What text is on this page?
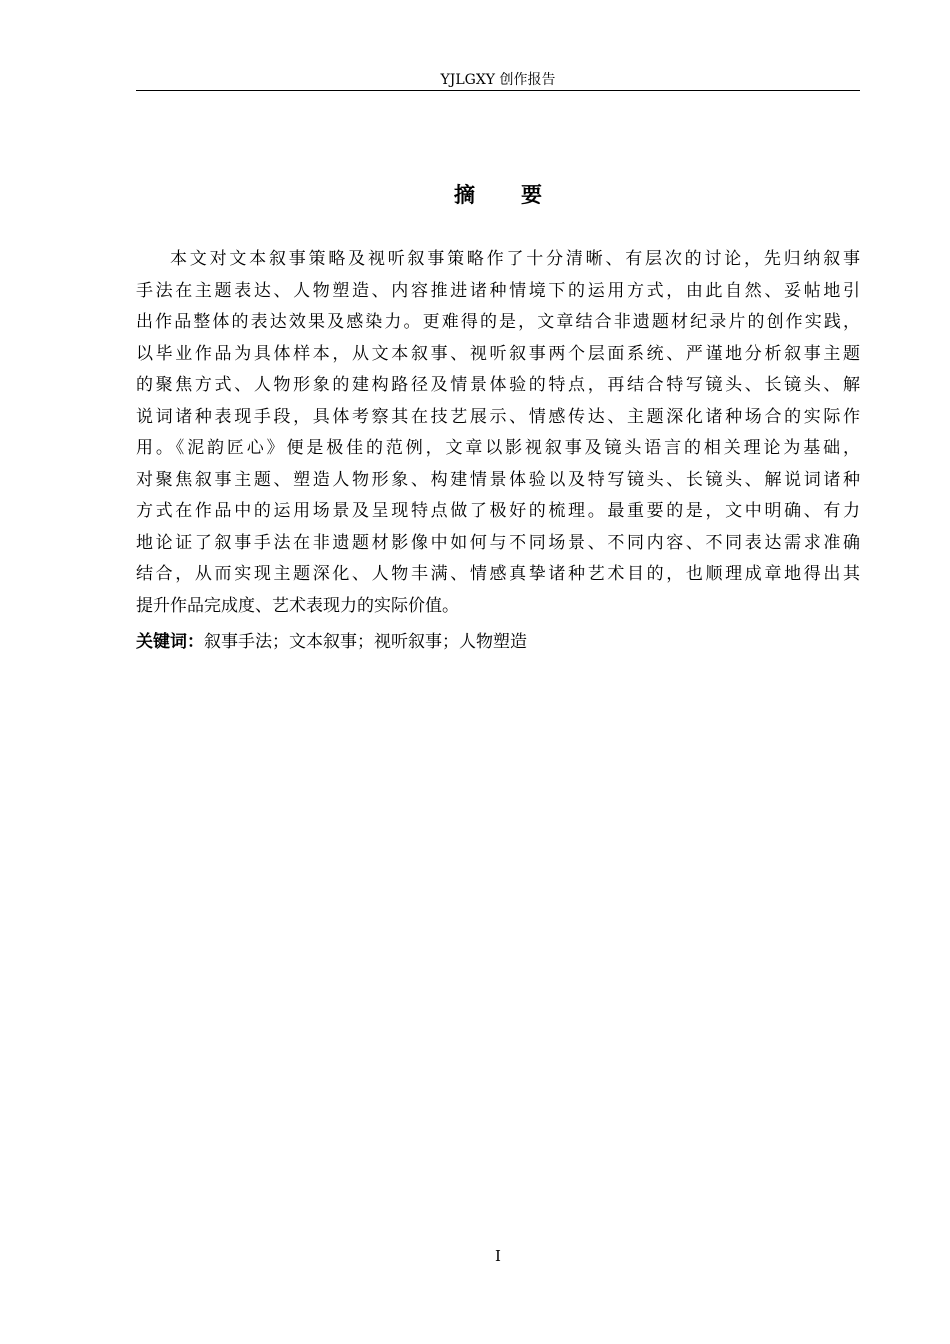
YJLGXY 创作报告
摘 要
本文对文本叙事策略及视听叙事策略作了十分清晰、有层次的讨论，先归纳叙事
手法在主题表达、人物塑造、内容推进诸种情境下的运用方式，由此自然、妥帖地引
出作品整体的表达效果及感染力。更难得的是，文章结合非遗题材纪录片的创作实践，
以毕业作品为具体样本，从文本叙事、视听叙事两个层面系统、严谨地分析叙事主题
的聚焦方式、人物形象的建构路径及情景体验的特点，再结合特写镜头、长镜头、解
说词诸种表现手段，具体考察其在技艺展示、情感传达、主题深化诸种场合的实际作
用。《泥韵匠心》便是极佳的范例，文章以影视叙事及镜头语言的相关理论为基础，
对聚焦叙事主题、塑造人物形象、构建情景体验以及特写镜头、长镜头、解说词诸种
方式在作品中的运用场景及呈现特点做了极好的梳理。最重要的是，文中明确、有力
地论证了叙事手法在非遗题材影像中如何与不同场景、不同内容、不同表达需求准确
结合，从而实现主题深化、人物丰满、情感真挚诸种艺术目的，也顺理成章地得出其
提升作品完成度、艺术表现力的实际价值。
关键词：叙事手法；文本叙事；视听叙事；人物塑造
I
